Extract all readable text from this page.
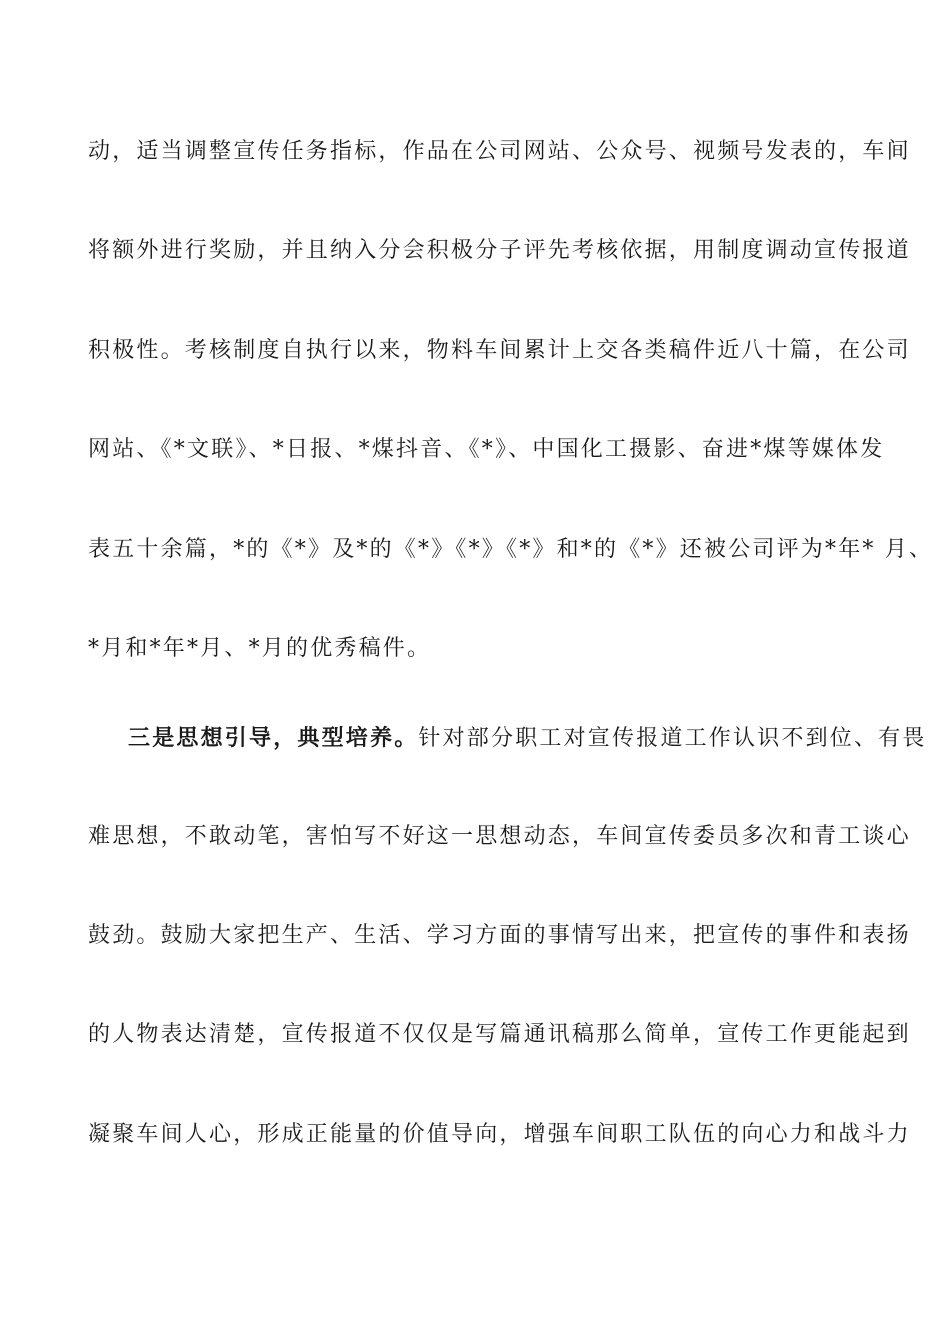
动，适当调整宣传任务指标，作品在公司网站、公众号、视频号发表的，车间
将额外进行奖励，并且纳入分会积极分子评先考核依据，用制度调动宣传报道
积极性。考核制度自执行以来，物料车间累计上交各类稿件近八十篇，在公司
网站、《*文联》、*日报、*煤抖音、《*》、中国化工摄影、奋进*煤等媒体发
表五十余篇，*的《*》及*的《*》《*》《*》和*的《*》还被公司评为*年* 月、
*月和*年*月、*月的优秀稿件。
三是思想引导，典型培养。针对部分职工对宣传报道工作认识不到位、有畏
难思想，不敢动笔，害怕写不好这一思想动态，车间宣传委员多次和青工谈心
鼓劲。鼓励大家把生产、生活、学习方面的事情写出来，把宣传的事件和表扬
的人物表达清楚，宣传报道不仅仅是写篇通讯稿那么简单，宣传工作更能起到
凝聚车间人心，形成正能量的价值导向，增强车间职工队伍的向心力和战斗力
